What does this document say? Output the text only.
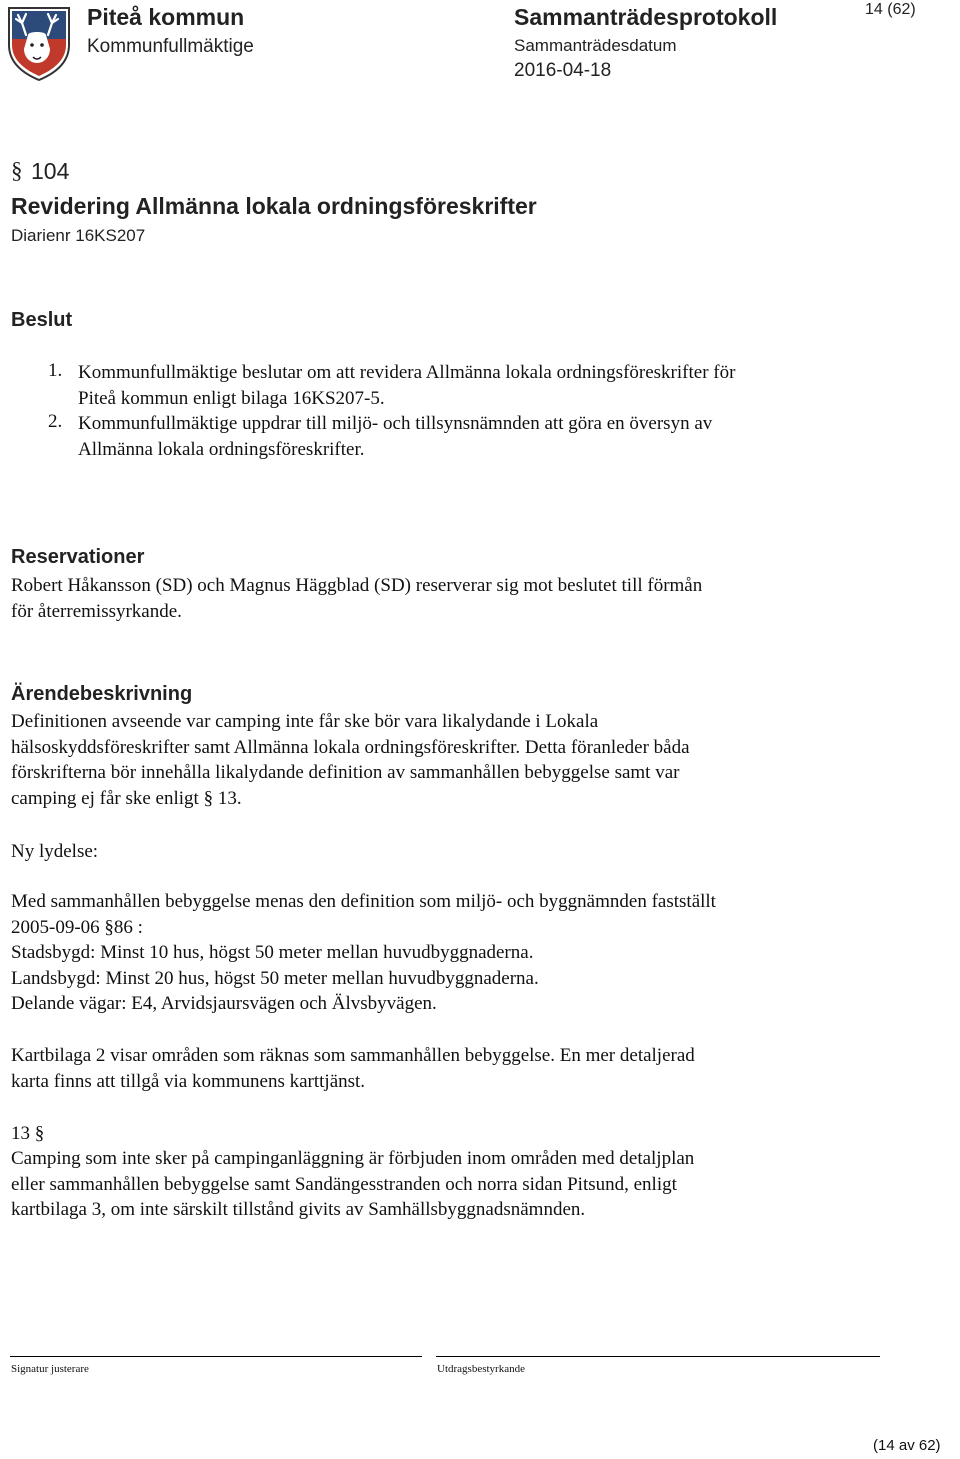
Piteå kommun
Kommunfullmäktige
Sammanträdesprotokoll
Sammanträdesdatum
2016-04-18
14 (62)
§ 104
Revidering Allmänna lokala ordningsföreskrifter
Diarienr 16KS207
Beslut
1. Kommunfullmäktige beslutar om att revidera Allmänna lokala ordningsföreskrifter för
Piteå kommun enligt bilaga 16KS207-5.
2. Kommunfullmäktige uppdrar till miljö- och tillsynsnämnden att göra en översyn av
Allmänna lokala ordningsföreskrifter.
Reservationer
Robert Håkansson (SD) och Magnus Häggblad (SD) reserverar sig mot beslutet till förmån
för återremissyrkande.
Ärendebeskrivning
Definitionen avseende var camping inte får ske bör vara likalydande i Lokala
hälsoskyddsföreskrifter samt Allmänna lokala ordningsföreskrifter. Detta föranleder båda
förskrifterna bör innehålla likalydande definition av sammanhållen bebyggelse samt var
camping ej får ske enligt § 13.
Ny lydelse:
Med sammanhållen bebyggelse menas den definition som miljö- och byggnämnden fastställt
2005-09-06 §86 :
Stadsbygd: Minst 10 hus, högst 50 meter mellan huvudbyggnaderna.
Landsbygd: Minst 20 hus, högst 50 meter mellan huvudbyggnaderna.
Delande vägar: E4, Arvidsjaursvägen och Älvsbyvägen.
Kartbilaga 2 visar områden som räknas som sammanhållen bebyggelse. En mer detaljerad
karta finns att tillgå via kommunens karttjänst.
13 §
Camping som inte sker på campinganläggning är förbjuden inom områden med detaljplan
eller sammanhållen bebyggelse samt Sandängesstranden och norra sidan Pitsund, enligt
kartbilaga 3, om inte särskilt tillstånd givits av Samhällsbyggnadsnämnden.
Signatur justerare	Utdragsbestyrkande
(14 av 62)
